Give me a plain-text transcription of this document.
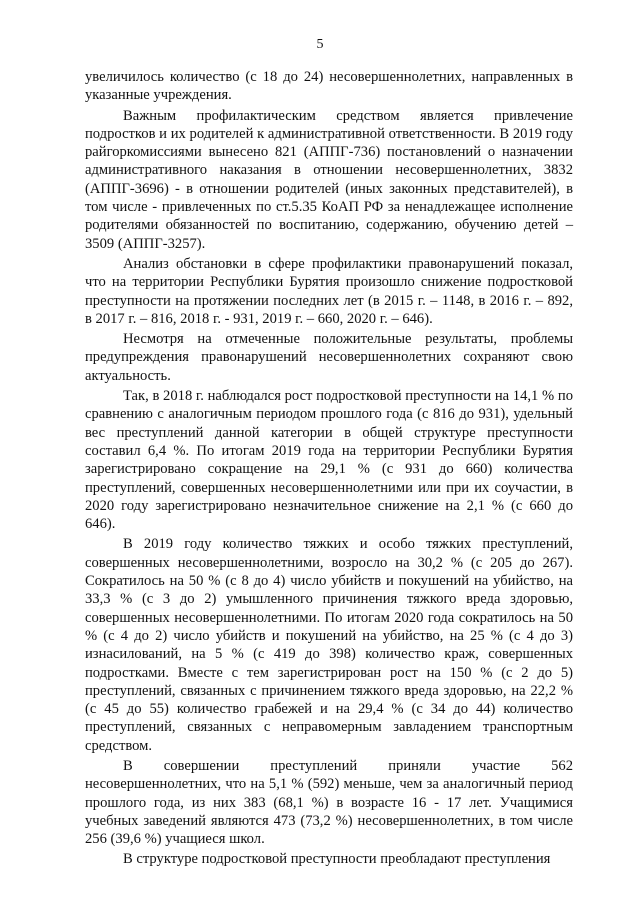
5

увеличилось количество (с 18 до 24) несовершеннолетних, направленных в указанные учреждения.

Важным профилактическим средством является привлечение подростков и их родителей к административной ответственности. В 2019 году райгоркомиссиями вынесено 821 (АППГ-736) постановлений о назначении административного наказания в отношении несовершеннолетних, 3832 (АППГ-3696) - в отношении родителей (иных законных представителей), в том числе - привлеченных по ст.5.35 КоАП РФ за ненадлежащее исполнение родителями обязанностей по воспитанию, содержанию, обучению детей – 3509 (АППГ-3257).

Анализ обстановки в сфере профилактики правонарушений показал, что на территории Республики Бурятия произошло снижение подростковой преступности на протяжении последних лет (в 2015 г. – 1148, в 2016 г. – 892, в 2017 г. – 816, 2018 г. - 931, 2019 г. – 660, 2020 г. – 646).

Несмотря на отмеченные положительные результаты, проблемы предупреждения правонарушений несовершеннолетних сохраняют свою актуальность.

Так, в 2018 г. наблюдался рост подростковой преступности на 14,1 % по сравнению с аналогичным периодом прошлого года (с 816 до 931), удельный вес преступлений данной категории в общей структуре преступности составил 6,4 %. По итогам 2019 года на территории Республики Бурятия зарегистрировано сокращение на 29,1 % (с 931 до 660) количества преступлений, совершенных несовершеннолетними или при их соучастии, в 2020 году зарегистрировано незначительное снижение на 2,1 % (с 660 до 646).

В 2019 году количество тяжких и особо тяжких преступлений, совершенных несовершеннолетними, возросло на 30,2 % (с 205 до 267). Сократилось на 50 % (с 8 до 4) число убийств и покушений на убийство, на 33,3 % (с 3 до 2) умышленного причинения тяжкого вреда здоровью, совершенных несовершеннолетними. По итогам 2020 года сократилось на 50 % (с 4 до 2) число убийств и покушений на убийство, на 25 % (с 4 до 3) изнасилований, на 5 % (с 419 до 398) количество краж, совершенных подростками. Вместе с тем зарегистрирован рост на 150 % (с 2 до 5) преступлений, связанных с причинением тяжкого вреда здоровью, на 22,2 % (с 45 до 55) количество грабежей и на 29,4 % (с 34 до 44) количество преступлений, связанных с неправомерным завладением транспортным средством.

В совершении преступлений приняли участие 562 несовершеннолетних, что на 5,1 % (592) меньше, чем за аналогичный период прошлого года, из них 383 (68,1 %) в возрасте 16 - 17 лет. Учащимися учебных заведений являются 473 (73,2 %) несовершеннолетних, в том числе 256 (39,6 %) учащиеся школ.

В структуре подростковой преступности преобладают преступления
